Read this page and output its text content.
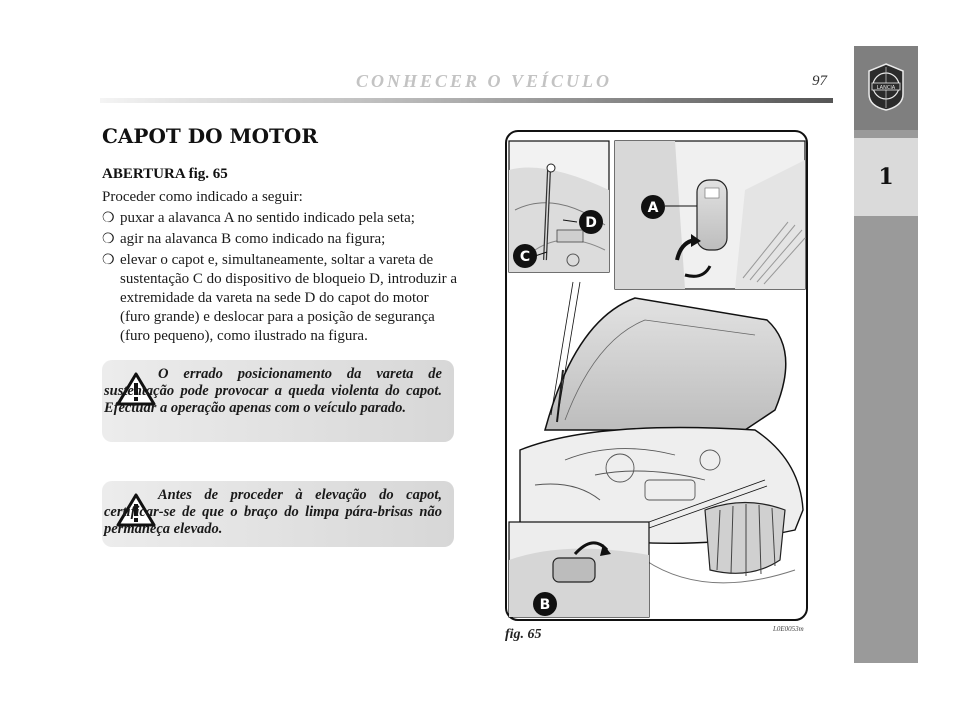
LANCIA
1
CONHECER O VEÍCULO	97
CAPOT DO MOTOR
ABERTURA fig. 65

Proceder como indicado a seguir:

❍ puxar a alavanca A no sentido indicado pela seta;
❍ agir na alavanca B como indicado na figura;
❍ elevar o capot e, simultaneamente, soltar a vareta de sustentação C do dispositivo de bloqueio D, introduzir a extremidade da vareta na sede D do capot do motor (furo grande) e deslocar para a posição de segurança (furo pequeno), como ilustrado na figura.

O errado posicionamento da vareta de sustentação pode provocar a queda violenta do capot. Efectuar a operação apenas com o veículo parado.

Antes de proceder à elevação do capot, certificar-se de que o braço do limpa pára-brisas não permaneça elevado.

A
D
C
B
fig. 65	L0E0053m
